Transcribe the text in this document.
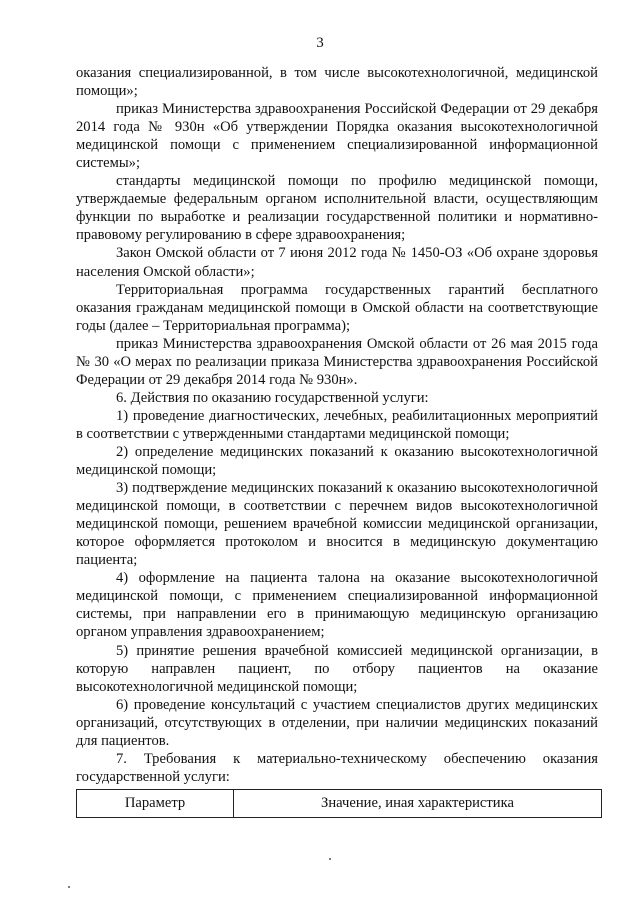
3

оказания специализированной, в том числе высокотехнологичной, медицинской помощи»;

приказ Министерства здравоохранения Российской Федерации от 29 декабря 2014 года № 930н «Об утверждении Порядка оказания высокотехнологичной медицинской помощи с применением специализированной информационной системы»;

стандарты медицинской помощи по профилю медицинской помощи, утверждаемые федеральным органом исполнительной власти, осуществляющим функции по выработке и реализации государственной политики и нормативно-правовому регулированию в сфере здравоохранения;

Закон Омской области от 7 июня 2012 года № 1450-ОЗ «Об охране здоровья населения Омской области»;

Территориальная программа государственных гарантий бесплатного оказания гражданам медицинской помощи в Омской области на соответствующие годы (далее – Территориальная программа);

приказ Министерства здравоохранения Омской области от 26 мая 2015 года № 30 «О мерах по реализации приказа Министерства здравоохранения Российской Федерации от 29 декабря 2014 года № 930н».

6. Действия по оказанию государственной услуги:

1) проведение диагностических, лечебных, реабилитационных мероприятий в соответствии с утвержденными стандартами медицинской помощи;

2) определение медицинских показаний к оказанию высокотехнологичной медицинской помощи;

3) подтверждение медицинских показаний к оказанию высокотехнологичной медицинской помощи, в соответствии с перечнем видов высокотехнологичной медицинской помощи, решением врачебной комиссии медицинской организации, которое оформляется протоколом и вносится в медицинскую документацию пациента;

4) оформление на пациента талона на оказание высокотехнологичной медицинской помощи, с применением специализированной информационной системы, при направлении его в принимающую медицинскую организацию органом управления здравоохранением;

5) принятие решения врачебной комиссией медицинской организации, в которую направлен пациент, по отбору пациентов на оказание высокотехнологичной медицинской помощи;

6) проведение консультаций с участием специалистов других медицинских организаций, отсутствующих в отделении, при наличии медицинских показаний для пациентов.

7. Требования к материально-техническому обеспечению оказания государственной услуги:

Параметр	Значение, иная характеристика
